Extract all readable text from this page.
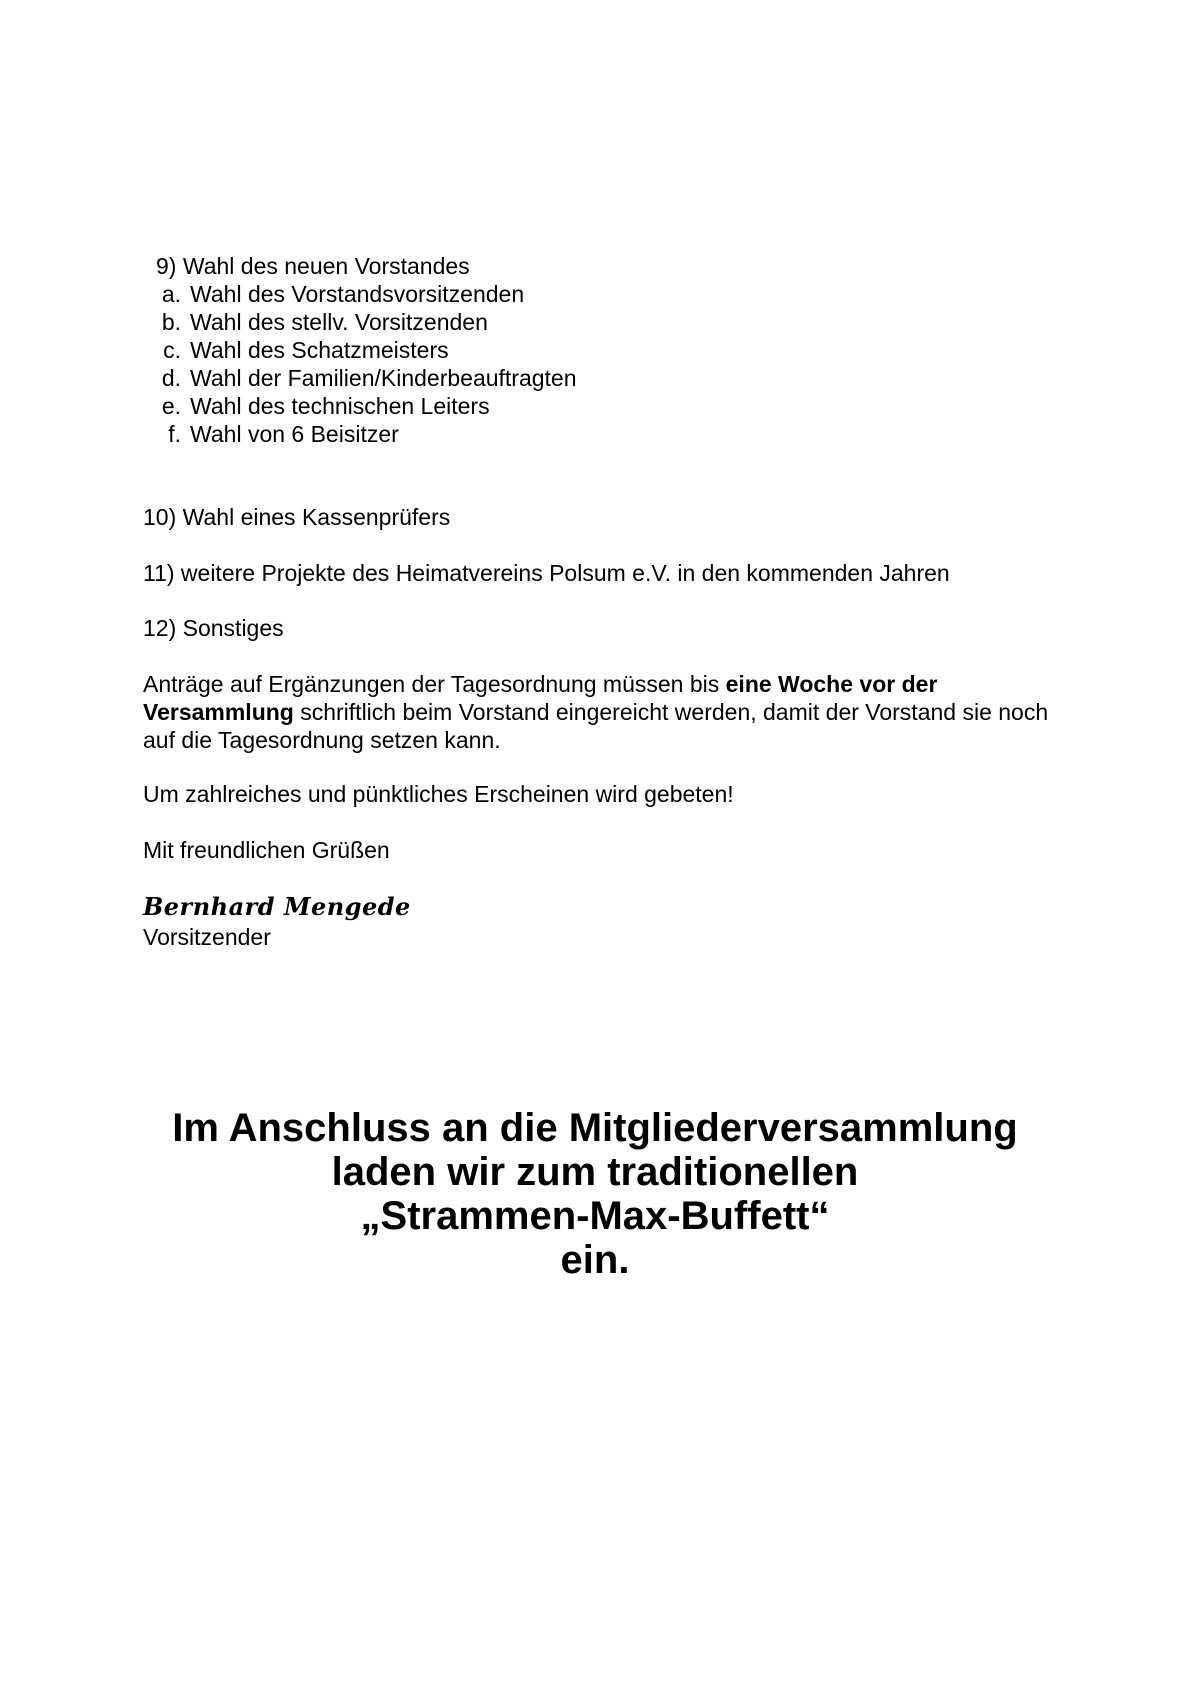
9) Wahl des neuen Vorstandes
a. Wahl des Vorstandsvorsitzenden
b. Wahl des stellv. Vorsitzenden
c. Wahl des Schatzmeisters
d. Wahl der Familien/Kinderbeauftragten
e. Wahl des technischen Leiters
f. Wahl von 6 Beisitzer
10) Wahl eines Kassenprüfers
11) weitere Projekte des Heimatvereins Polsum e.V. in den kommenden Jahren
12) Sonstiges
Anträge auf Ergänzungen der Tagesordnung müssen bis eine Woche vor der Versammlung schriftlich beim Vorstand eingereicht werden, damit der Vorstand sie noch auf die Tagesordnung setzen kann.
Um zahlreiches und pünktliches Erscheinen wird gebeten!
Mit freundlichen Grüßen
Bernhard Mengede
Vorsitzender
Im Anschluss an die Mitgliederversammlung
laden wir zum traditionellen
„Strammen-Max-Buffett“
ein.
